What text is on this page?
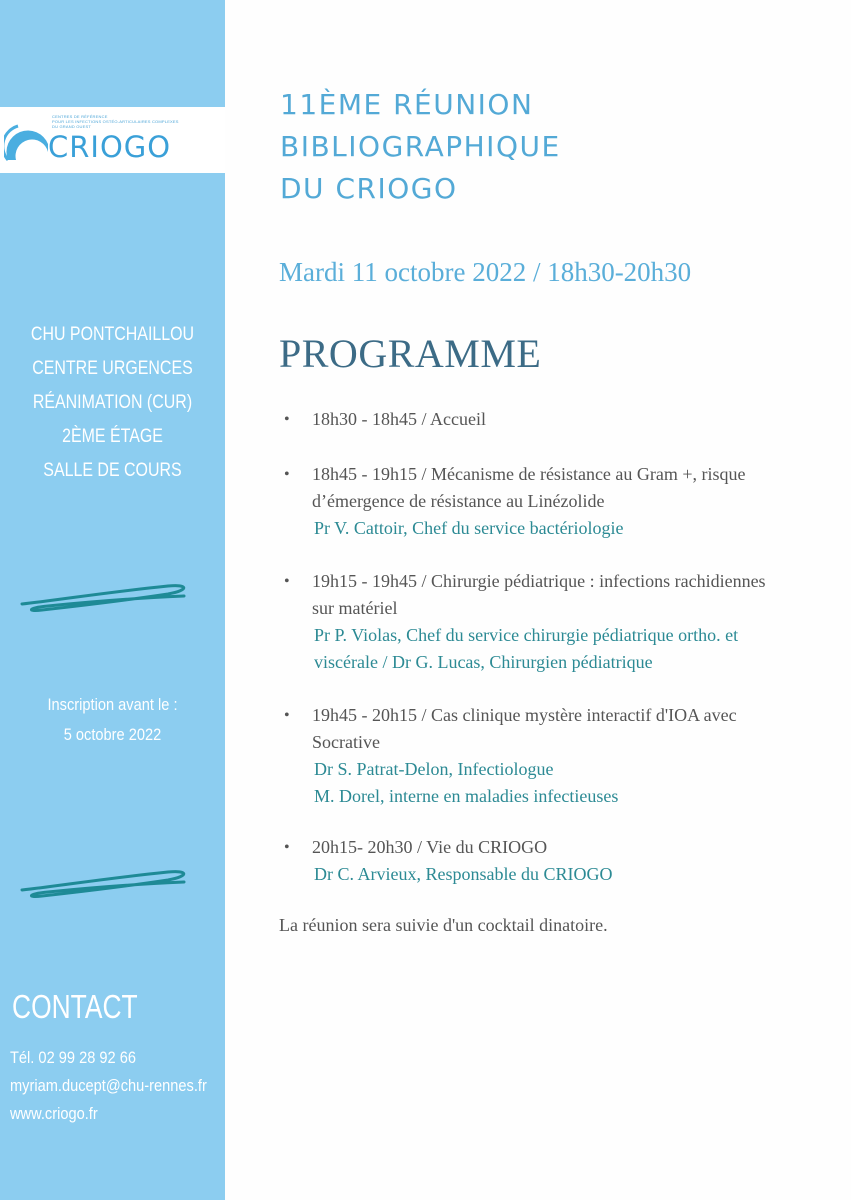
CENTRES DE RÉFÉRENCE
POUR LES INFECTIONS OSTÉO-ARTICULAIRES COMPLEXES
DU GRAND OUEST
CRIOGO
CHU PONTCHAILLOU
CENTRE URGENCES
RÉANIMATION (CUR)
2ÈME ÉTAGE
SALLE DE COURS
Inscription avant le :
5 octobre 2022
CONTACT
Tél. 02 99 28 92 66
myriam.ducept@chu-rennes.fr
www.criogo.fr
11ÈME RÉUNION
BIBLIOGRAPHIQUE
DU CRIOGO
Mardi 11 octobre 2022 / 18h30-20h30
PROGRAMME
• 18h30 - 18h45 / Accueil
• 18h45 - 19h15 / Mécanisme de résistance au Gram +, risque
d’émergence de résistance au Linézolide
Pr V. Cattoir, Chef du service bactériologie
• 19h15 - 19h45 / Chirurgie pédiatrique : infections rachidiennes
sur matériel
Pr P. Violas, Chef du service chirurgie pédiatrique ortho. et
viscérale / Dr G. Lucas, Chirurgien pédiatrique
• 19h45 - 20h15 / Cas clinique mystère interactif d'IOA avec
Socrative
Dr S. Patrat-Delon, Infectiologue
M. Dorel, interne en maladies infectieuses
• 20h15- 20h30 / Vie du CRIOGO
Dr C. Arvieux, Responsable du CRIOGO
La réunion sera suivie d'un cocktail dinatoire.
